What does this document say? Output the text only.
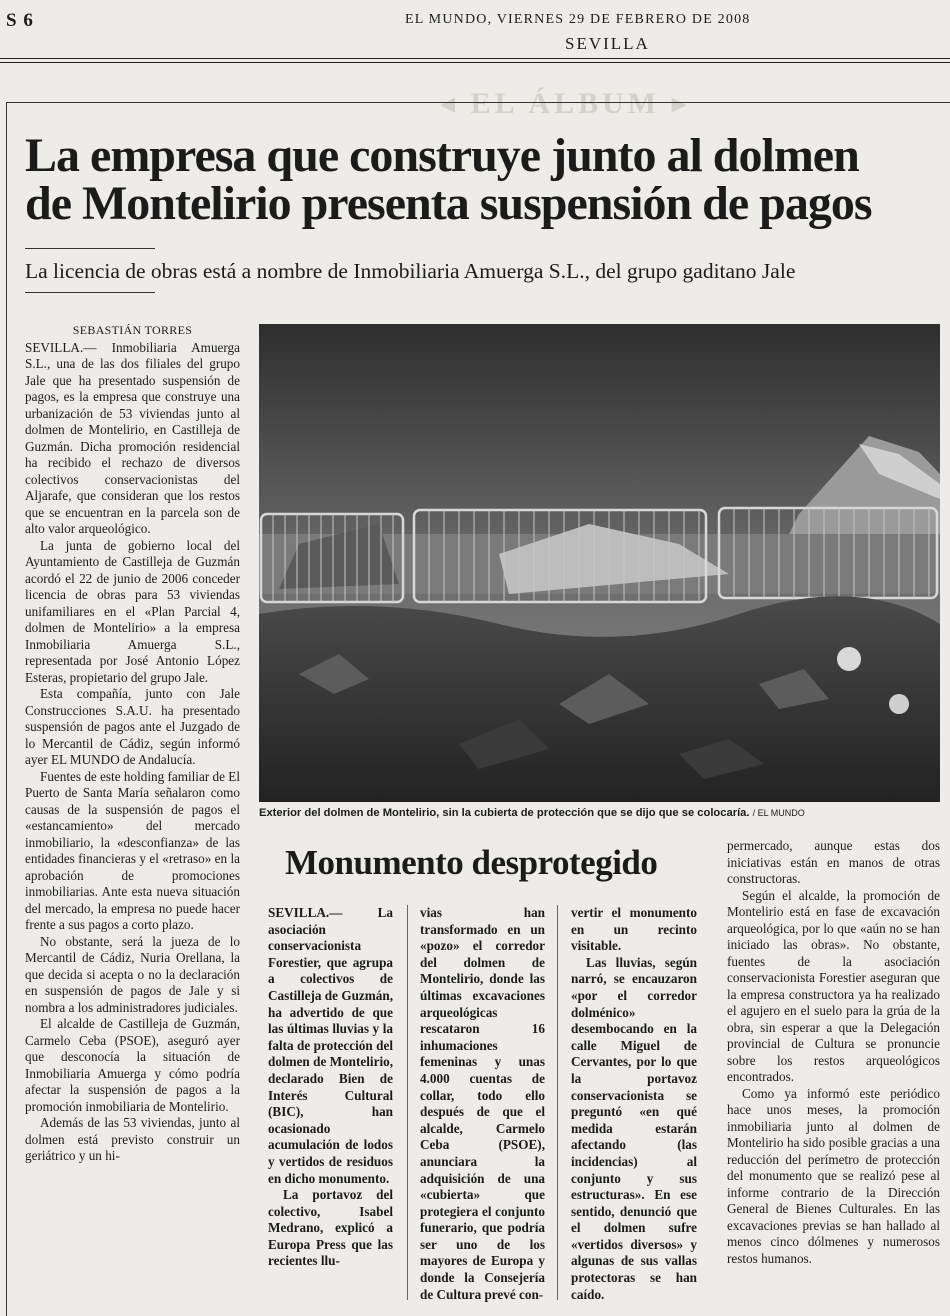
S 6	EL MUNDO, VIERNES 29 DE FEBRERO DE 2008
SEVILLA
◂ EL ÁLBUM ▸
La empresa que construye junto al dolmen
de Montelirio presenta suspensión de pagos
La licencia de obras está a nombre de Inmobiliaria Amuerga S.L., del grupo gaditano Jale
SEBASTIÁN TORRES

SEVILLA.— Inmobiliaria Amuerga S.L., una de las dos filiales del grupo Jale que ha presentado suspensión de pagos, es la empresa que construye una urbanización de 53 viviendas junto al dolmen de Montelirio, en Castilleja de Guzmán. Dicha promoción residencial ha recibido el rechazo de diversos colectivos conservacionistas del Aljarafe, que consideran que los restos que se encuentran en la parcela son de alto valor arqueológico.

La junta de gobierno local del Ayuntamiento de Castilleja de Guzmán acordó el 22 de junio de 2006 conceder licencia de obras para 53 viviendas unifamiliares en el «Plan Parcial 4, dolmen de Montelirio» a la empresa Inmobiliaria Amuerga S.L., representada por José Antonio López Esteras, propietario del grupo Jale.

Esta compañía, junto con Jale Construcciones S.A.U. ha presentado suspensión de pagos ante el Juzgado de lo Mercantil de Cádiz, según informó ayer EL MUNDO de Andalucía.

Fuentes de este holding familiar de El Puerto de Santa María señalaron como causas de la suspensión de pagos el «estancamiento» del mercado inmobiliario, la «desconfianza» de las entidades financieras y el «retraso» en la aprobación de promociones inmobiliarias. Ante esta nueva situación del mercado, la empresa no puede hacer frente a sus pagos a corto plazo.

No obstante, será la jueza de lo Mercantil de Cádiz, Nuria Orellana, la que decida si acepta o no la declaración en suspensión de pagos de Jale y si nombra a los administradores judiciales.

El alcalde de Castilleja de Guzmán, Carmelo Ceba (PSOE), aseguró ayer que desconocía la situación de Inmobiliaria Amuerga y cómo podría afectar la suspensión de pagos a la promoción inmobiliaria de Montelirio.

Además de las 53 viviendas, junto al dolmen está previsto construir un geriátrico y un hi-

Exterior del dolmen de Montelirio, sin la cubierta de protección que se dijo que se colocaría. / EL MUNDO
Monumento desprotegido

SEVILLA.— La asociación conservacionista Forestier, que agrupa a colectivos de Castilleja de Guzmán, ha advertido de que las últimas lluvias y la falta de protección del dolmen de Montelirio, declarado Bien de Interés Cultural (BIC), han ocasionado acumulación de lodos y vertidos de residuos en dicho monumento.

La portavoz del colectivo, Isabel Medrano, explicó a Europa Press que las recientes llu-

vias han transformado en un «pozo» el corredor del dolmen de Montelirio, donde las últimas excavaciones arqueológicas rescataron 16 inhumaciones femeninas y unas 4.000 cuentas de collar, todo ello después de que el alcalde, Carmelo Ceba (PSOE), anunciara la adquisición de una «cubierta» que protegiera el conjunto funerario, que podría ser uno de los mayores de Europa y donde la Consejería de Cultura prevé con-

vertir el monumento en un recinto visitable.

Las lluvias, según narró, se encauzaron «por el corredor dolménico» desembocando en la calle Miguel de Cervantes, por lo que la portavoz conservacionista se preguntó «en qué medida estarán afectando (las incidencias) al conjunto y sus estructuras». En ese sentido, denunció que el dolmen sufre «vertidos diversos» y algunas de sus vallas protectoras se han caído.

permercado, aunque estas dos iniciativas están en manos de otras constructoras.

Según el alcalde, la promoción de Montelirio está en fase de excavación arqueológica, por lo que «aún no se han iniciado las obras». No obstante, fuentes de la asociación conservacionista Forestier aseguran que la empresa constructora ya ha realizado el agujero en el suelo para la grúa de la obra, sin esperar a que la Delegación provincial de Cultura se pronuncie sobre los restos arqueológicos encontrados.

Como ya informó este periódico hace unos meses, la promoción inmobiliaria junto al dolmen de Montelirio ha sido posible gracias a una reducción del perímetro de protección del monumento que se realizó pese al informe contrario de la Dirección General de Bienes Culturales. En las excavaciones previas se han hallado al menos cinco dólmenes y numerosos restos humanos.
